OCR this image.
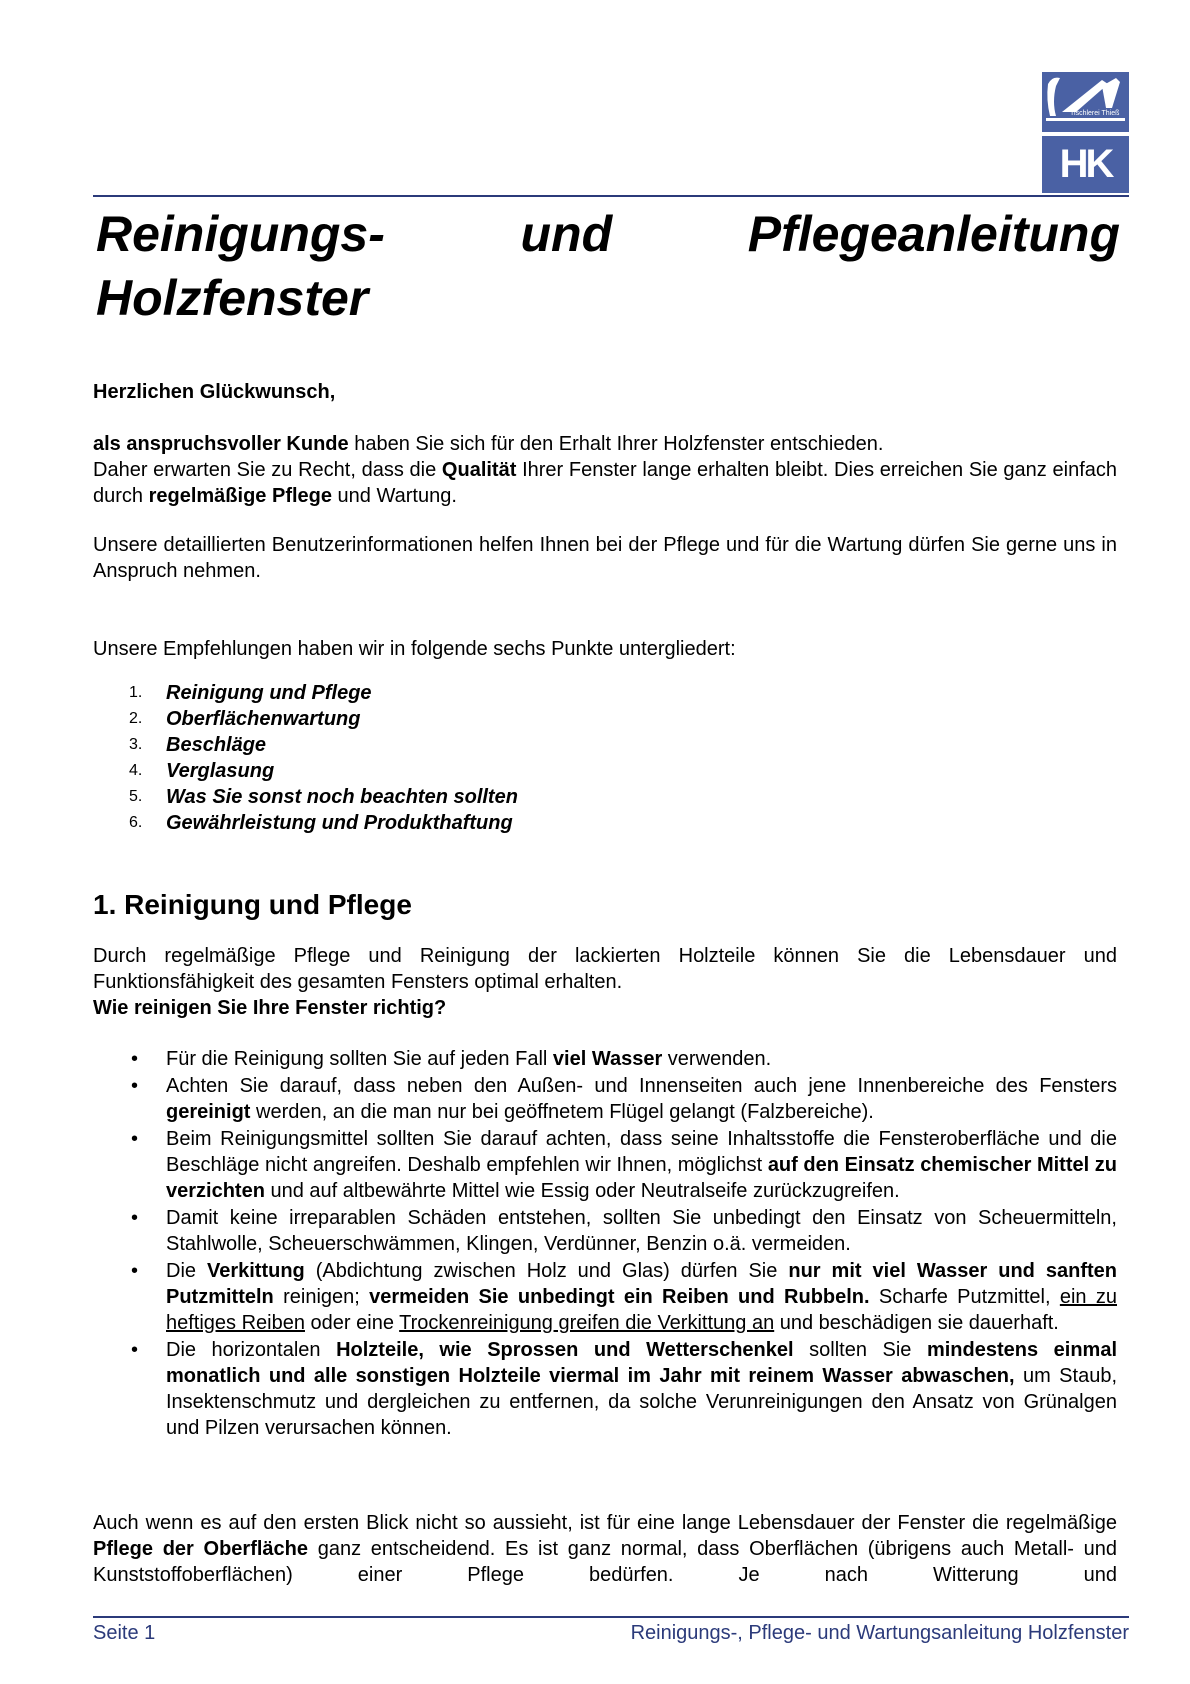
Tischlerei Thieß
HK
Reinigungs-	und	Pflegeanleitung
Holzfenster
Herzlichen Glückwunsch,
als anspruchsvoller Kunde haben Sie sich für den Erhalt Ihrer Holzfenster entschieden.
Daher erwarten Sie zu Recht, dass die Qualität Ihrer Fenster lange erhalten bleibt. Dies erreichen Sie ganz einfach durch regelmäßige Pflege und Wartung.
Unsere detaillierten Benutzerinformationen helfen Ihnen bei der Pflege und für die Wartung dürfen Sie gerne uns in Anspruch nehmen.
Unsere Empfehlungen haben wir in folgende sechs Punkte untergliedert:
1.	Reinigung und Pflege
2.	Oberflächenwartung
3.	Beschläge
4.	Verglasung
5.	Was Sie sonst noch beachten sollten
6.	Gewährleistung und Produkthaftung
1. Reinigung und Pflege
Durch regelmäßige Pflege und Reinigung der lackierten Holzteile können Sie die Lebensdauer und Funktionsfähigkeit des gesamten Fensters optimal erhalten.
Wie reinigen Sie Ihre Fenster richtig?
• Für die Reinigung sollten Sie auf jeden Fall viel Wasser verwenden.
• Achten Sie darauf, dass neben den Außen- und Innenseiten auch jene Innenbereiche des Fensters gereinigt werden, an die man nur bei geöffnetem Flügel gelangt (Falzbereiche).
• Beim Reinigungsmittel sollten Sie darauf achten, dass seine Inhaltsstoffe die Fensteroberfläche und die Beschläge nicht angreifen. Deshalb empfehlen wir Ihnen, möglichst auf den Einsatz chemischer Mittel zu verzichten und auf altbewährte Mittel wie Essig oder Neutralseife zurückzugreifen.
• Damit keine irreparablen Schäden entstehen, sollten Sie unbedingt den Einsatz von Scheuermitteln, Stahlwolle, Scheuerschwämmen, Klingen, Verdünner, Benzin o.ä. vermeiden.
• Die Verkittung (Abdichtung zwischen Holz und Glas) dürfen Sie nur mit viel Wasser und sanften Putzmitteln reinigen; vermeiden Sie unbedingt ein Reiben und Rubbeln. Scharfe Putzmittel, ein zu heftiges Reiben oder eine Trockenreinigung greifen die Verkittung an und beschädigen sie dauerhaft.
• Die horizontalen Holzteile, wie Sprossen und Wetterschenkel sollten Sie mindestens einmal monatlich und alle sonstigen Holzteile viermal im Jahr mit reinem Wasser abwaschen, um Staub, Insektenschmutz und dergleichen zu entfernen, da solche Verunreinigungen den Ansatz von Grünalgen und Pilzen verursachen können.
Auch wenn es auf den ersten Blick nicht so aussieht, ist für eine lange Lebensdauer der Fenster die regelmäßige Pflege der Oberfläche ganz entscheidend. Es ist ganz normal, dass Oberflächen (übrigens auch Metall- und Kunststoffoberflächen) einer Pflege bedürfen. Je nach Witterung und
Seite 1	Reinigungs-, Pflege- und Wartungsanleitung Holzfenster
